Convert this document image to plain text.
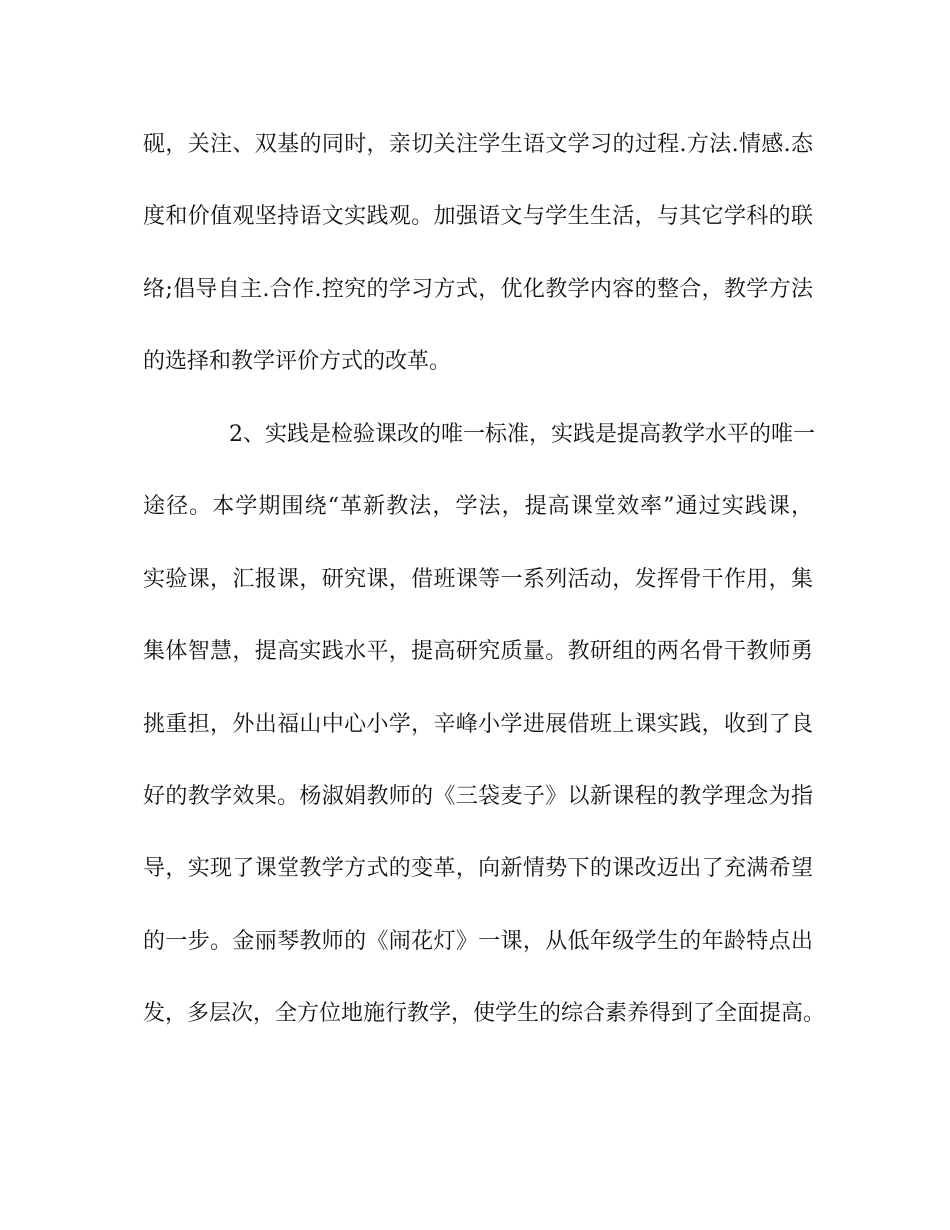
砚，关注、双基的同时，亲切关注学生语文学习的过程.方法.情感.态
度和价值观坚持语文实践观。加强语文与学生生活，与其它学科的联
络;倡导自主.合作.控究的学习方式，优化教学内容的整合，教学方法
的选择和教学评价方式的改革。
2、实践是检验课改的唯一标准，实践是提高教学水平的唯一
途径。本学期围绕“革新教法，学法，提高课堂效率”通过实践课，
实验课，汇报课，研究课，借班课等一系列活动，发挥骨干作用，集
集体智慧，提高实践水平，提高研究质量。教研组的两名骨干教师勇
挑重担，外出福山中心小学，辛峰小学进展借班上课实践，收到了良
好的教学效果。杨淑娟教师的《三袋麦子》以新课程的教学理念为指
导，实现了课堂教学方式的变革，向新情势下的课改迈出了充满希望
的一步。金丽琴教师的《闹花灯》一课，从低年级学生的年龄特点出
发，多层次，全方位地施行教学，使学生的综合素养得到了全面提高。
